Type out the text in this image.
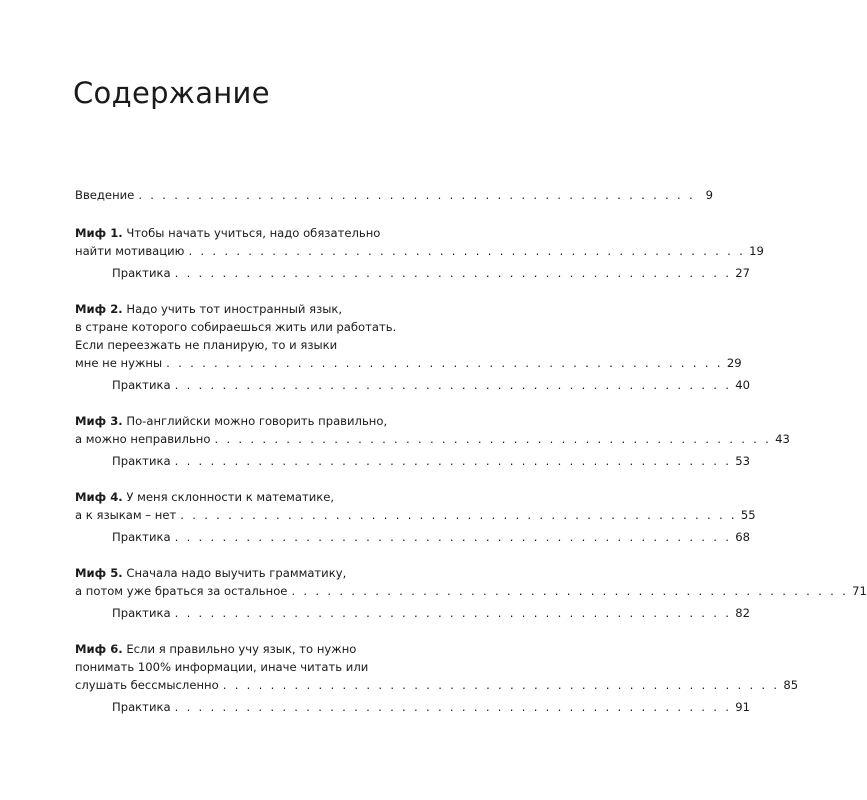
Содержание
Введение . . . . . . . . . . . . . . . . . . . . . . . . . . . . . . . . . . . . . . . . . . . . . . . 9
Миф 1. Чтобы начать учиться, надо обязательно
найти мотивацию . . . . . . . . . . . . . . . . . . . . . . . . . . . . . . . . . . . . . . . . . . . . . . . 19
Практика . . . . . . . . . . . . . . . . . . . . . . . . . . . . . . . . . . . . . . . . . . . . . . . 27
Миф 2. Надо учить тот иностранный язык,
в стране которого собираешься жить или работать.
Если переезжать не планирую, то и языки
мне не нужны . . . . . . . . . . . . . . . . . . . . . . . . . . . . . . . . . . . . . . . . . . . . . . . 29
Практика . . . . . . . . . . . . . . . . . . . . . . . . . . . . . . . . . . . . . . . . . . . . . . . 40
Миф 3. По-английски можно говорить правильно,
а можно неправильно . . . . . . . . . . . . . . . . . . . . . . . . . . . . . . . . . . . . . . . . . . . . . . . 43
Практика . . . . . . . . . . . . . . . . . . . . . . . . . . . . . . . . . . . . . . . . . . . . . . . 53
Миф 4. У меня склонности к математике,
а к языкам – нет . . . . . . . . . . . . . . . . . . . . . . . . . . . . . . . . . . . . . . . . . . . . . . . 55
Практика . . . . . . . . . . . . . . . . . . . . . . . . . . . . . . . . . . . . . . . . . . . . . . . 68
Миф 5. Сначала надо выучить грамматику,
а потом уже браться за остальное . . . . . . . . . . . . . . . . . . . . . . . . . . . . . . . . . . . . . . . . . . . . . . . 71
Практика . . . . . . . . . . . . . . . . . . . . . . . . . . . . . . . . . . . . . . . . . . . . . . . 82
Миф 6. Если я правильно учу язык, то нужно
понимать 100% информации, иначе читать или
слушать бессмысленно . . . . . . . . . . . . . . . . . . . . . . . . . . . . . . . . . . . . . . . . . . . . . . . 85
Практика . . . . . . . . . . . . . . . . . . . . . . . . . . . . . . . . . . . . . . . . . . . . . . . 91
